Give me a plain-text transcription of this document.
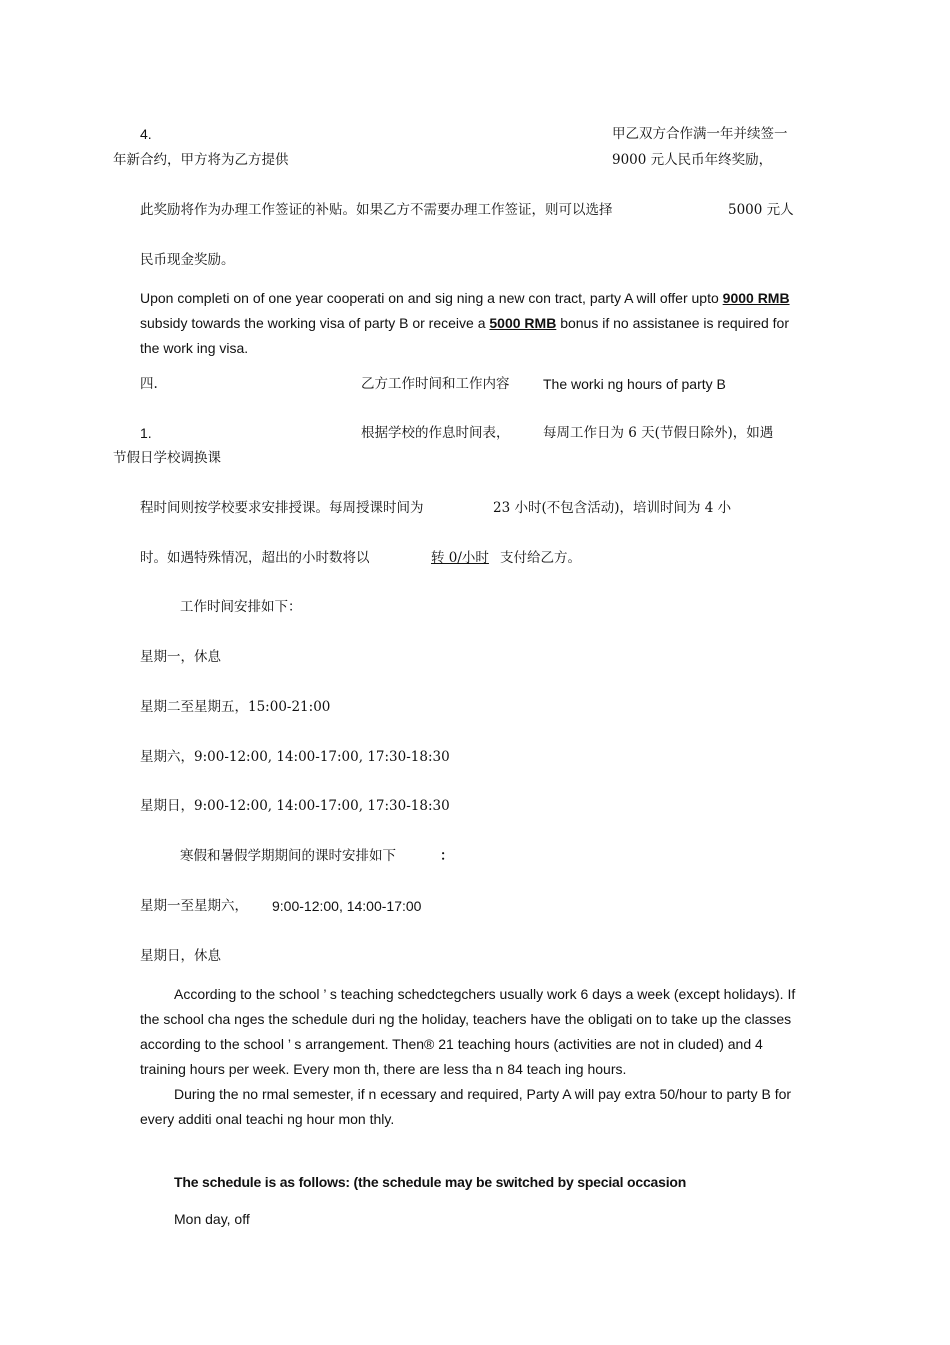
4.	甲乙双方合作满一年并续签一
年新合约，甲方将为乙方提供	9000 元人民币年终奖励，
此奖励将作为办理工作签证的补贴。如果乙方不需要办理工作签证，则可以选择	5000 元人
民币现金奖励。
Upon completi on of one year cooperati on and sig ning a new con tract, party A will offer upto 9000 RMB subsidy towards the working visa of party B or receive a 5000 RMB bonus if no assistanee is required for the work ing visa.
四.	乙方工作时间和工作内容 The worki ng hours of party B
1.	根据学校的作息时间表， 每周工作日为 6 天(节假日除外)，如遇
节假日学校调换课
程时间则按学校要求安排授课。每周授课时间为	23 小时(不包含活动)，培训时间为 4 小
时。如遇特殊情况，超出的小时数将以	转 0/小时 支付给乙方。
工作时间安排如下：
星期一，休息
星期二至星期五，15:00-21:00
星期六，9:00-12:00, 14:00-17:00, 17:30-18:30
星期日，9:00-12:00, 14:00-17:00, 17:30-18:30
寒假和暑假学期期间的课时安排如下	：
星期一至星期六， 9:00-12:00, 14:00-17:00
星期日，休息
According to the school ’ s teaching schedctegchers usually work 6 days a week (except holidays). If the school cha nges the schedule duri ng the holiday, teachers have the obligati on to take up the classes according to the school ’ s arrangement. Then® 21 teaching hours (activities are not in cluded) and 4 training hours per week. Every mon th, there are less tha n 84 teach ing hours.
During the no rmal semester, if n ecessary and required, Party A will pay extra 50/hour to party B for every additi onal teachi ng hour mon thly.
The schedule is as follows: (the schedule may be switched by special occasion
Mon day, off
